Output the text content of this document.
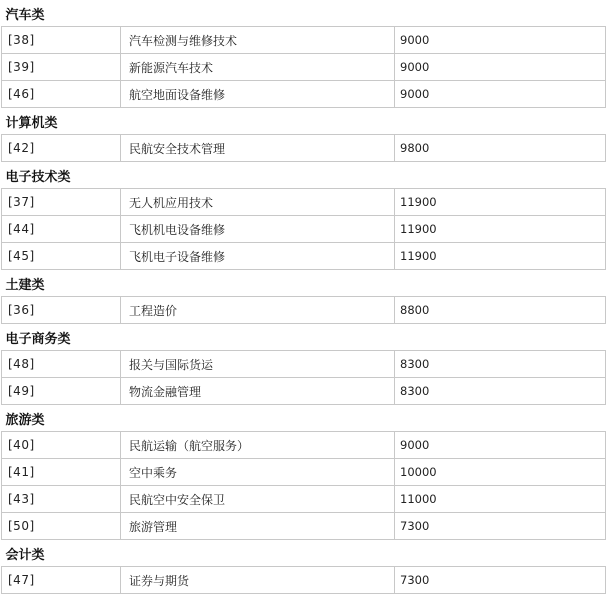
汽车类		
[38]	汽车检测与维修技术	9000
[39]	新能源汽车技术	9000
[46]	航空地面设备维修	9000
计算机类		
[42]	民航安全技术管理	9800
电子技术类		
[37]	无人机应用技术	11900
[44]	飞机机电设备维修	11900
[45]	飞机电子设备维修	11900
土建类		
[36]	工程造价	8800
电子商务类		
[48]	报关与国际货运	8300
[49]	物流金融管理	8300
旅游类		
[40]	民航运输（航空服务）	9000
[41]	空中乘务	10000
[43]	民航空中安全保卫	11000
[50]	旅游管理	7300
会计类		
[47]	证券与期货	7300
